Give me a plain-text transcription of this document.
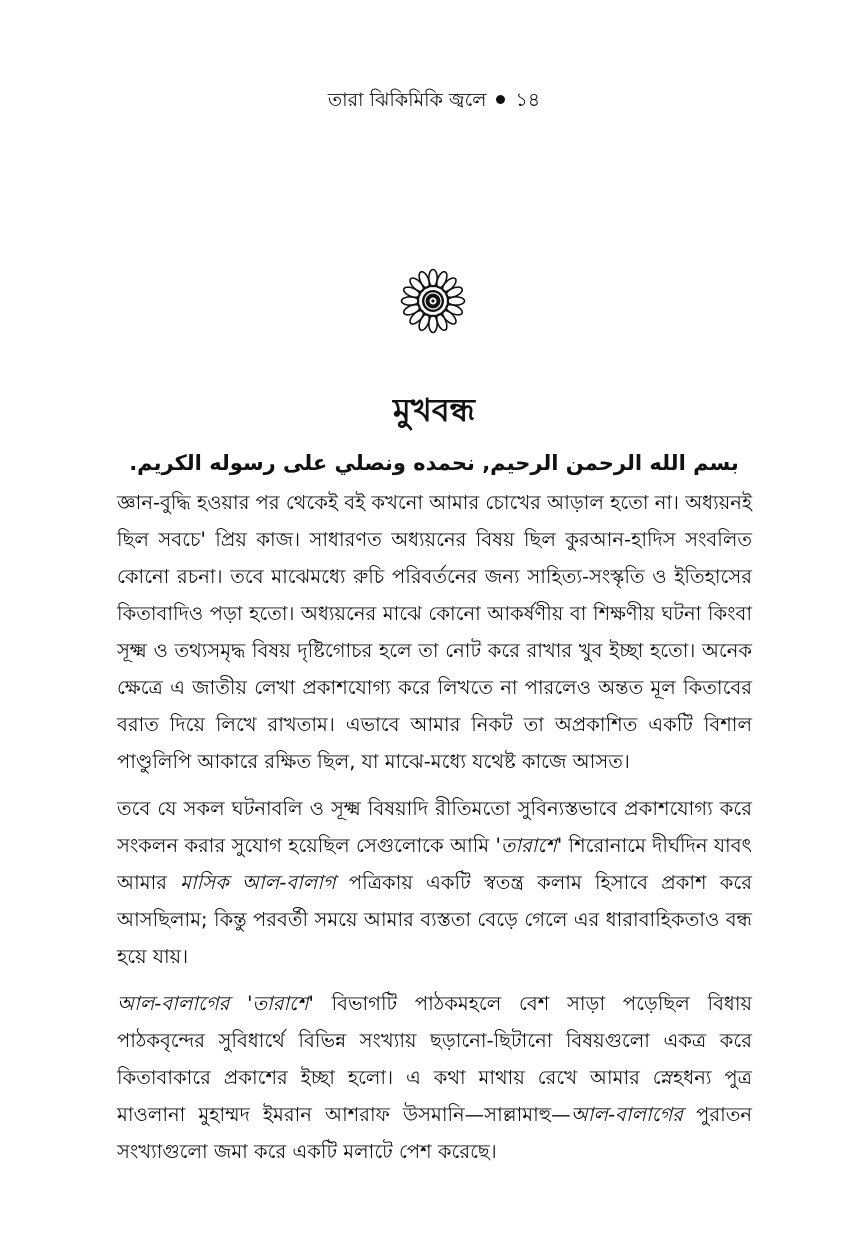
তারা ঝিকিমিকি জ্বলে ১৪
মুখবন্ধ
بسم الله الرحمن الرحيم, نحمده ونصلي على رسوله الكريم.

জ্ঞান-বুদ্ধি হওয়ার পর থেকেই বই কখনো আমার চোখের আড়াল হতো না। অধ্যয়নই ছিল সবচে' প্রিয় কাজ। সাধারণত অধ্যয়নের বিষয় ছিল কুরআন-হাদিস সংবলিত কোনো রচনা। তবে মাঝেমধ্যে রুচি পরিবর্তনের জন্য সাহিত্য-সংস্কৃতি ও ইতিহাসের কিতাবাদিও পড়া হতো। অধ্যয়নের মাঝে কোনো আকর্ষণীয় বা শিক্ষণীয় ঘটনা কিংবা সূক্ষ্ম ও তথ্যসমৃদ্ধ বিষয় দৃষ্টিগোচর হলে তা নোট করে রাখার খুব ইচ্ছা হতো। অনেক ক্ষেত্রে এ জাতীয় লেখা প্রকাশযোগ্য করে লিখতে না পারলেও অন্তত মূল কিতাবের বরাত দিয়ে লিখে রাখতাম। এভাবে আমার নিকট তা অপ্রকাশিত একটি বিশাল পাণ্ডুলিপি আকারে রক্ষিত ছিল, যা মাঝে-মধ্যে যথেষ্ট কাজে আসত।

তবে যে সকল ঘটনাবলি ও সূক্ষ্ম বিষয়াদি রীতিমতো সুবিন্যস্তভাবে প্রকাশযোগ্য করে সংকলন করার সুযোগ হয়েছিল সেগুলোকে আমি 'তারাশে' শিরোনামে দীর্ঘদিন যাবৎ আমার মাসিক আল-বালাগ পত্রিকায় একটি স্বতন্ত্র কলাম হিসাবে প্রকাশ করে আসছিলাম; কিন্তু পরবর্তী সময়ে আমার ব্যস্ততা বেড়ে গেলে এর ধারাবাহিকতাও বন্ধ হয়ে যায়।

আল-বালাগের 'তারাশে' বিভাগটি পাঠকমহলে বেশ সাড়া পড়েছিল বিধায় পাঠকবৃন্দের সুবিধার্থে বিভিন্ন সংখ্যায় ছড়ানো-ছিটানো বিষয়গুলো একত্র করে কিতাবাকারে প্রকাশের ইচ্ছা হলো। এ কথা মাথায় রেখে আমার স্নেহধন্য পুত্র মাওলানা মুহাম্মদ ইমরান আশরাফ উসমানি—সাল্লামাহু—আল-বালাগের পুরাতন সংখ্যাগুলো জমা করে একটি মলাটে পেশ করেছে।
